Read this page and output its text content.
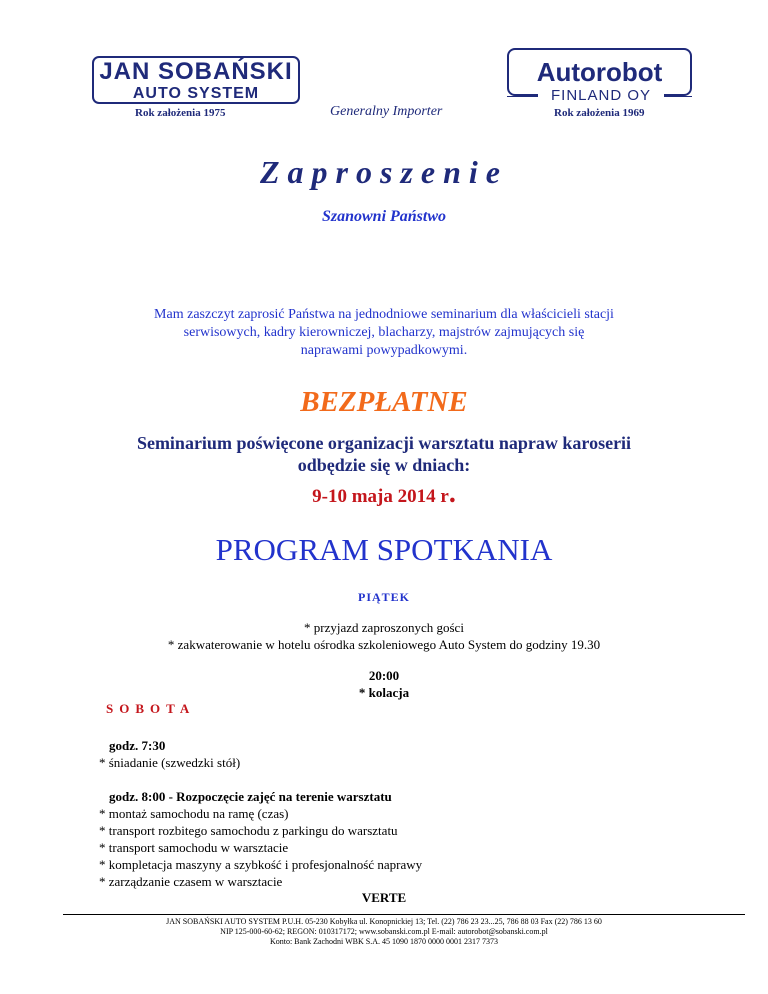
JAN SOBAŃSKI
AUTO SYSTEM
Rok założenia 1975	Generalny Importer
Autorobot
FINLAND OY
Rok założenia 1969
Zaproszenie
Szanowni Państwo
Mam zaszczyt zaprosić Państwa na jednodniowe seminarium dla właścicieli stacji
serwisowych, kadry kierowniczej, blacharzy, majstrów zajmujących się
naprawami powypadkowymi.
BEZPŁATNE
Seminarium poświęcone organizacji warsztatu napraw karoserii
odbędzie się w dniach:
9-10 maja 2014 r.
PROGRAM SPOTKANIA
PIĄTEK
* przyjazd zaproszonych gości
* zakwaterowanie w hotelu ośrodka szkoleniowego Auto System do godziny 19.30
20:00
* kolacja
SOBOTA
godz. 7:30
* śniadanie (szwedzki stół)
godz. 8:00 - Rozpoczęcie zajęć na terenie warsztatu
* montaż samochodu na ramę (czas)
* transport rozbitego samochodu z parkingu do warsztatu
* transport samochodu w warsztacie
* kompletacja maszyny a szybkość i profesjonalność naprawy
* zarządzanie czasem w warsztacie
VERTE
JAN SOBAŃSKI AUTO SYSTEM P.U.H. 05-230 Kobyłka ul. Konopnickiej 13; Tel. (22) 786 23 23...25, 786 88 03 Fax (22) 786 13 60
NIP 125-000-60-62; REGON: 010317172; www.sobanski.com.pl E-mail: autorobot@sobanski.com.pl
Konto: Bank Zachodni WBK S.A. 45 1090 1870 0000 0001 2317 7373
